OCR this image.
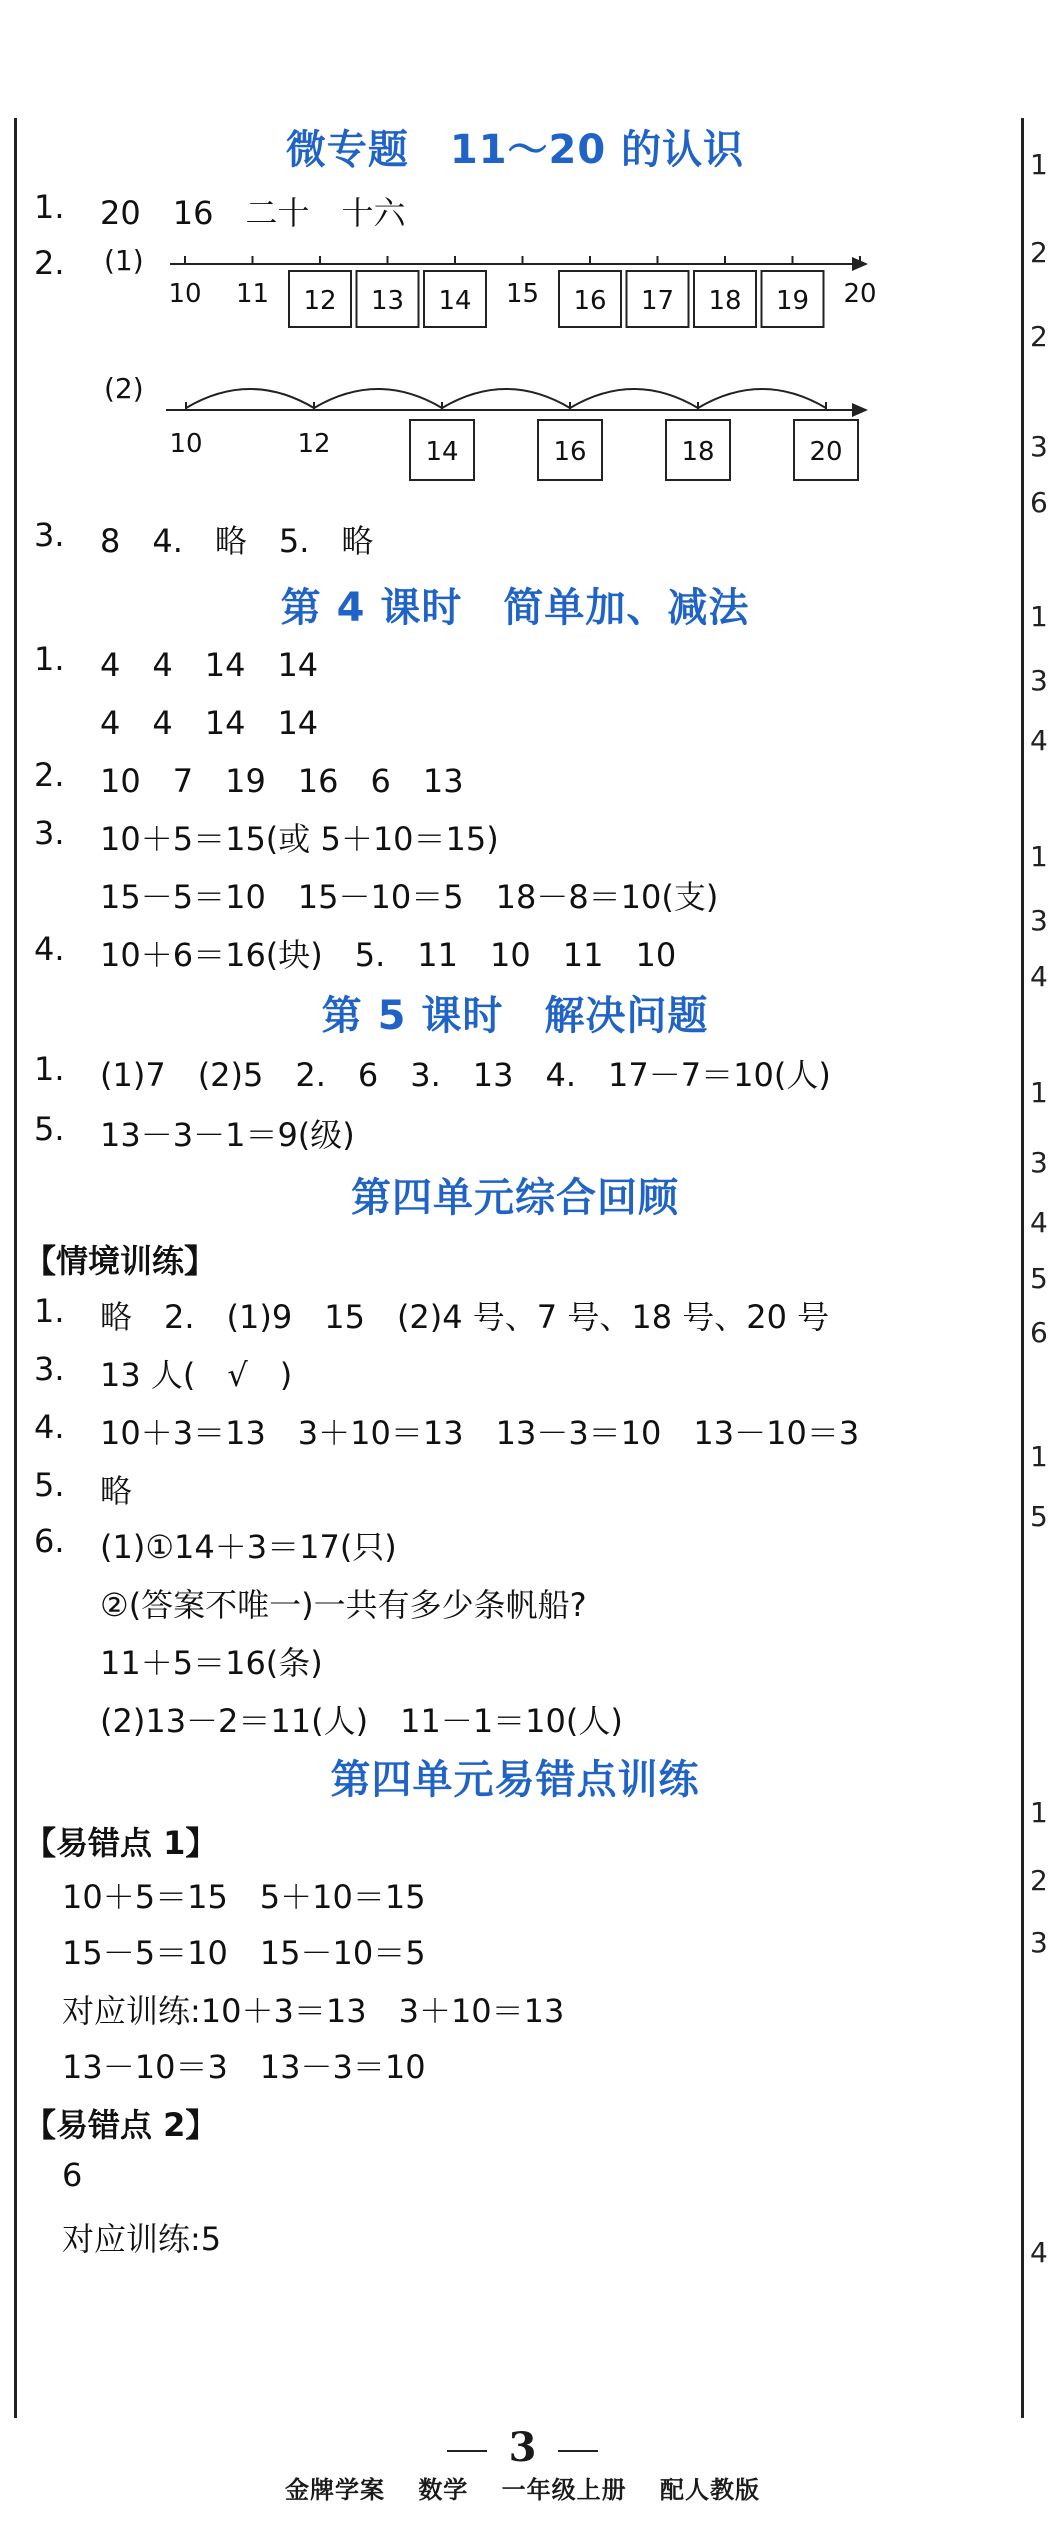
1
2
2
3
6
1
3
4
1
3
4
1
3
4
5
6
1
5
1
2
3
4
微专题　11～20 的认识
1. 20　16　二十　十六
2. (1)
(2)
10 11	15	20
12 13 14	16 17 18 19
10	12	14	16	18	20
3. 8　4.　略　5.　略
第 4 课时　简单加、减法
1. 4　4　14　14
4　4　14　14
2. 10　7　19　16　6　13
3. 10＋5＝15(或 5＋10＝15)
15－5＝10　15－10＝5　18－8＝10(支)
4. 10＋6＝16(块)　5.　11　10　11　10
第 5 课时　解决问题
1. (1)7　(2)5　2.　6　3.　13　4.　17－7＝10(人)
5. 13－3－1＝9(级)
第四单元综合回顾
【情境训练】
1. 略　2.　(1)9　15　(2)4 号、7 号、18 号、20 号
3. 13 人(　√　)
4. 10＋3＝13　3＋10＝13　13－3＝10　13－10＝3
5. 略
6. (1)①14＋3＝17(只)
②(答案不唯一)一共有多少条帆船?
11＋5＝16(条)
(2)13－2＝11(人)　11－1＝10(人)
第四单元易错点训练
【易错点 1】
10＋5＝15　5＋10＝15
15－5＝10　15－10＝5
对应训练:10＋3＝13　3＋10＝13
13－10＝3　13－3＝10
【易错点 2】
6
对应训练:5
3
金牌学案 数学 一年级上册 配人教版
